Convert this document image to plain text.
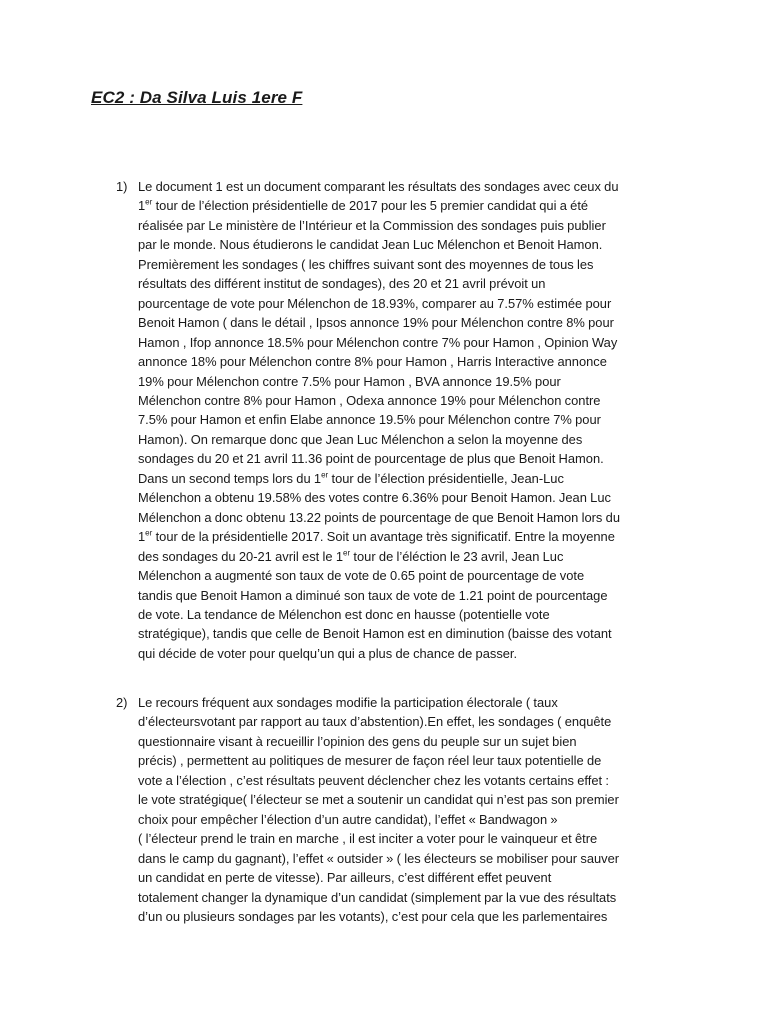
EC2 : Da Silva Luis 1ere F
1) Le document 1 est un document comparant les résultats des sondages avec ceux du
1er tour de l’élection présidentielle de 2017 pour les 5 premier candidat qui a été
réalisée par Le ministère de l’Intérieur et la Commission des sondages puis publier
par le monde. Nous étudierons le candidat Jean Luc Mélenchon et Benoit Hamon.
Premièrement les sondages ( les chiffres suivant sont des moyennes de tous les
résultats des différent institut de sondages), des 20 et 21 avril prévoit un
pourcentage de vote pour Mélenchon de 18.93%, comparer au 7.57% estimée pour
Benoit Hamon ( dans le détail , Ipsos annonce 19% pour Mélenchon contre 8% pour
Hamon , Ifop annonce 18.5% pour Mélenchon contre 7% pour Hamon , Opinion Way
annonce 18% pour Mélenchon contre 8% pour Hamon , Harris Interactive annonce
19% pour Mélenchon contre 7.5% pour Hamon , BVA annonce 19.5% pour
Mélenchon contre 8% pour Hamon , Odexa annonce 19% pour Mélenchon contre
7.5% pour Hamon et enfin Elabe annonce 19.5% pour Mélenchon contre 7% pour
Hamon). On remarque donc que Jean Luc Mélenchon a selon la moyenne des
sondages du 20 et 21 avril 11.36 point de pourcentage de plus que Benoit Hamon.
Dans un second temps lors du 1er tour de l’élection présidentielle, Jean-Luc
Mélenchon a obtenu 19.58% des votes contre 6.36% pour Benoit Hamon. Jean Luc
Mélenchon a donc obtenu 13.22 points de pourcentage de que Benoit Hamon lors du
1er tour de la présidentielle 2017. Soit un avantage très significatif. Entre la moyenne
des sondages du 20-21 avril est le 1er tour de l’éléction le 23 avril, Jean Luc
Mélenchon a augmenté son taux de vote de 0.65 point de pourcentage de vote
tandis que Benoit Hamon a diminué son taux de vote de 1.21 point de pourcentage
de vote. La tendance de Mélenchon est donc en hausse (potentielle vote
stratégique), tandis que celle de Benoit Hamon est en diminution (baisse des votant
qui décide de voter pour quelqu’un qui a plus de chance de passer.
2) Le recours fréquent aux sondages modifie la participation électorale ( taux
d’électeursvotant par rapport au taux d’abstention).En effet, les sondages ( enquête
questionnaire visant à recueillir l’opinion des gens du peuple sur un sujet bien
précis) , permettent au politiques de mesurer de façon réel leur taux potentielle de
vote a l’élection , c’est résultats peuvent déclencher chez les votants certains effet :
le vote stratégique( l’électeur se met a soutenir un candidat qui n’est pas son premier
choix pour empêcher l’élection d’un autre candidat), l’effet « Bandwagon »
( l’électeur prend le train en marche , il est inciter a voter pour le vainqueur et être
dans le camp du gagnant), l’effet « outsider » ( les électeurs se mobiliser pour sauver
un candidat en perte de vitesse). Par ailleurs, c’est différent effet peuvent
totalement changer la dynamique d’un candidat (simplement par la vue des résultats
d’un ou plusieurs sondages par les votants), c’est pour cela que les parlementaires
